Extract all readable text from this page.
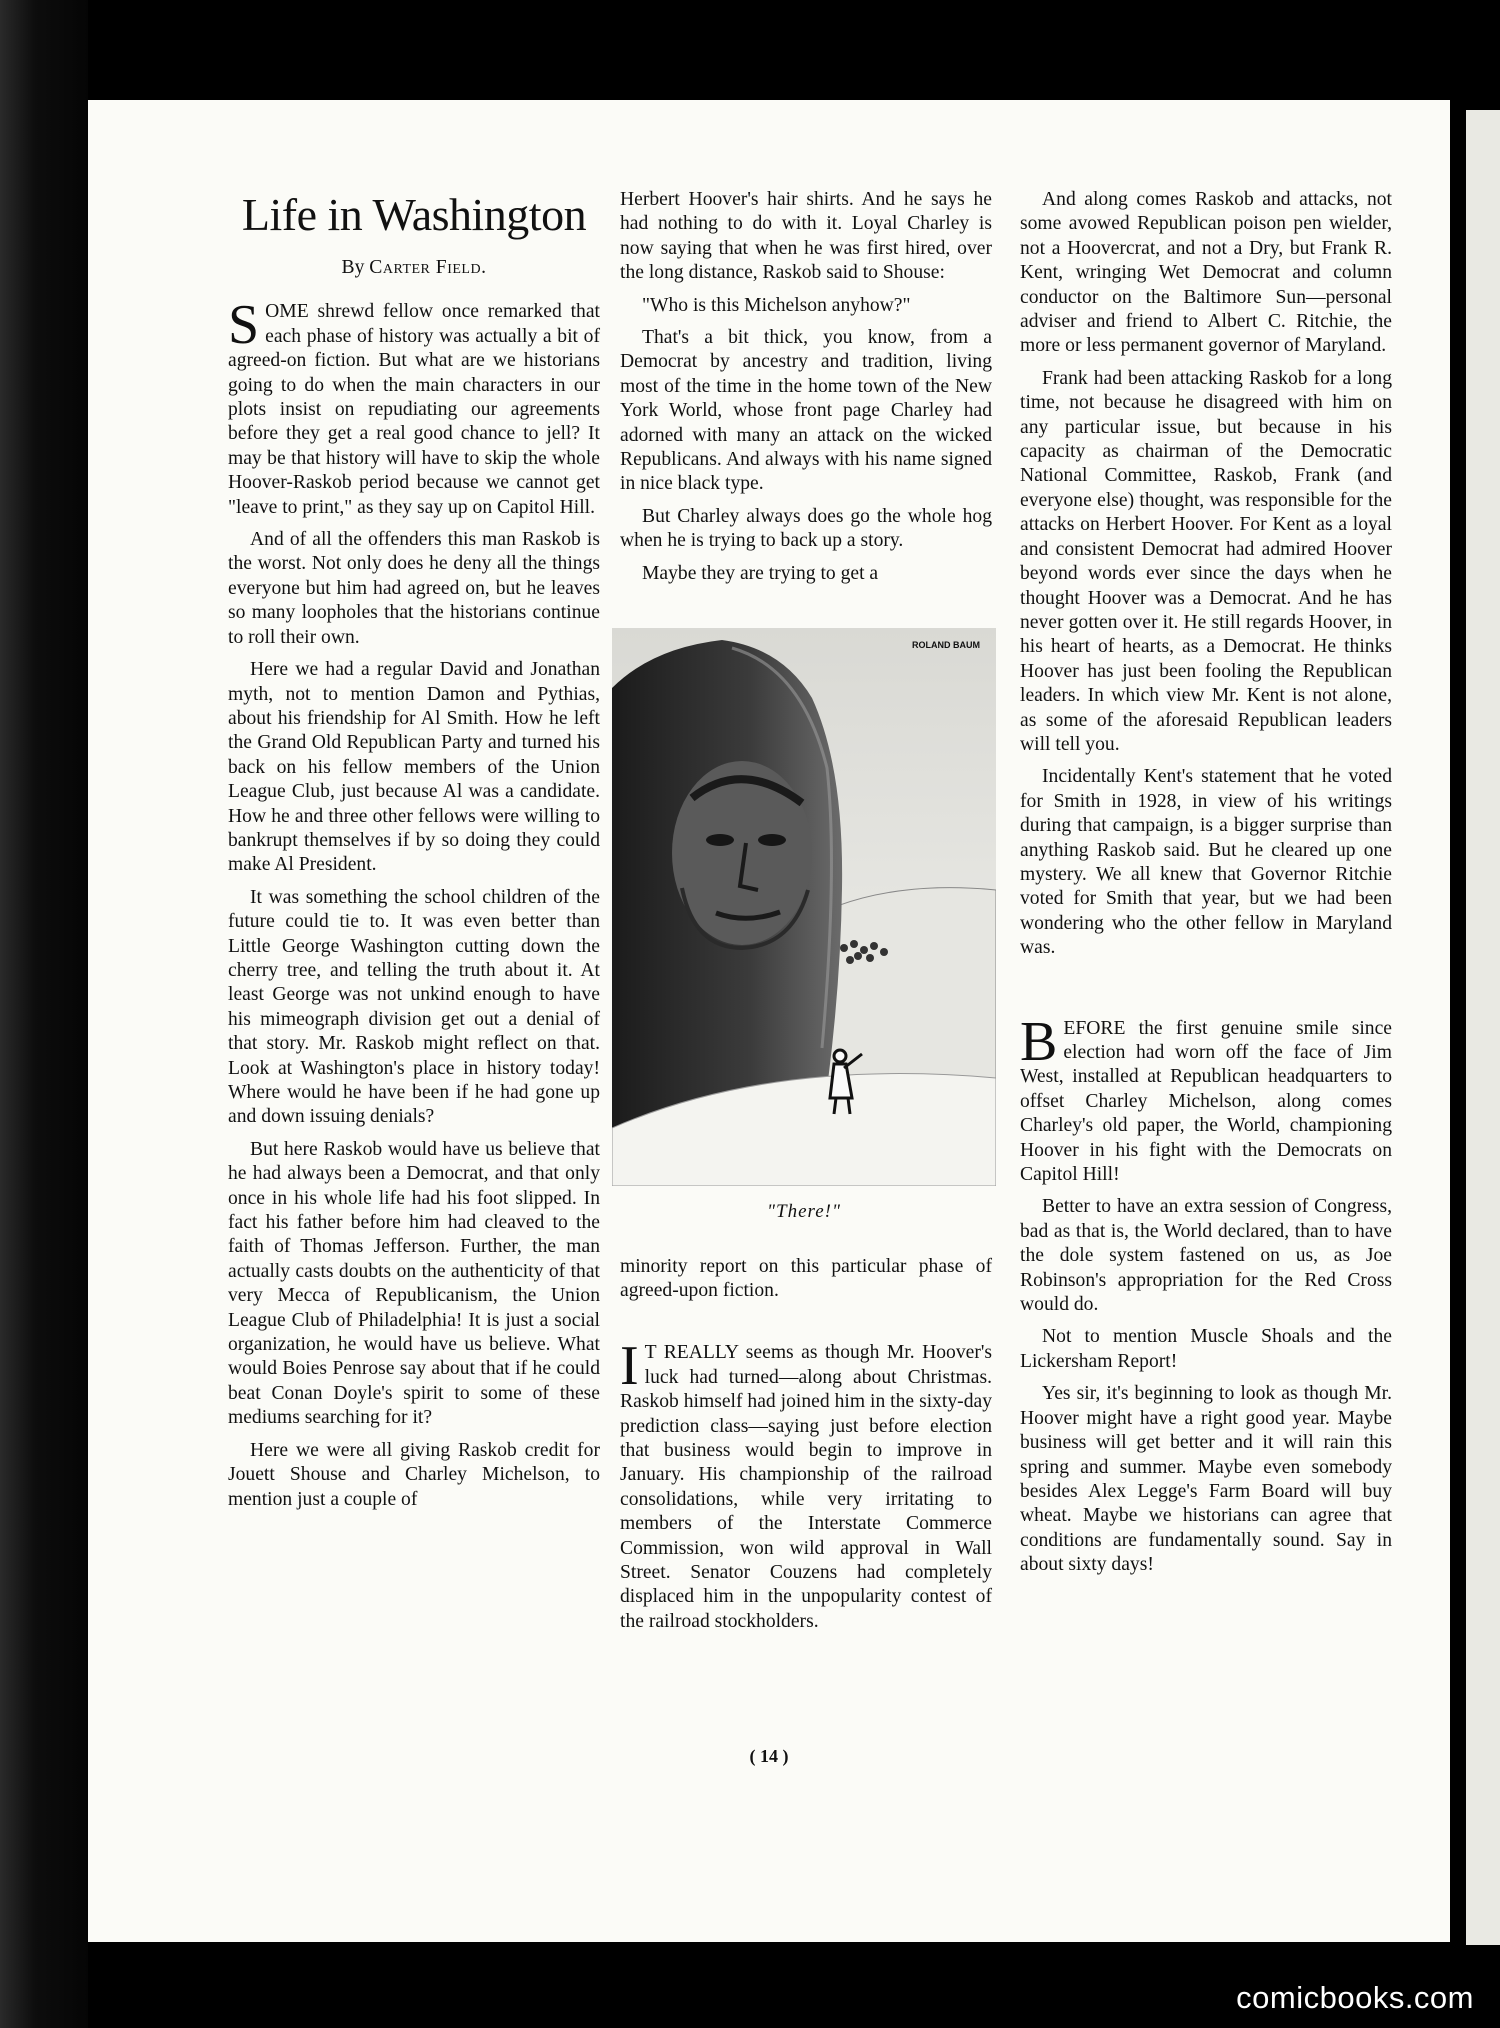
Life in Washington
By Carter Field.

SOME shrewd fellow once remarked that each phase of history was actually a bit of agreed-on fiction. But what are we historians going to do when the main characters in our plots insist on repudiating our agreements before they get a real good chance to jell? It may be that history will have to skip the whole Hoover-Raskob period because we cannot get "leave to print," as they say up on Capitol Hill.

And of all the offenders this man Raskob is the worst. Not only does he deny all the things everyone but him had agreed on, but he leaves so many loopholes that the historians continue to roll their own.

Here we had a regular David and Jonathan myth, not to mention Damon and Pythias, about his friendship for Al Smith. How he left the Grand Old Republican Party and turned his back on his fellow members of the Union League Club, just because Al was a candidate. How he and three other fellows were willing to bankrupt themselves if by so doing they could make Al President.

It was something the school children of the future could tie to. It was even better than Little George Washington cutting down the cherry tree, and telling the truth about it. At least George was not unkind enough to have his mimeograph division get out a denial of that story. Mr. Raskob might reflect on that. Look at Washington's place in history today! Where would he have been if he had gone up and down issuing denials?

But here Raskob would have us believe that he had always been a Democrat, and that only once in his whole life had his foot slipped. In fact his father before him had cleaved to the faith of Thomas Jefferson. Further, the man actually casts doubts on the authenticity of that very Mecca of Republicanism, the Union League Club of Philadelphia! It is just a social organization, he would have us believe. What would Boies Penrose say about that if he could beat Conan Doyle's spirit to some of these mediums searching for it?

Here we were all giving Raskob credit for Jouett Shouse and Charley Michelson, to mention just a couple of

Herbert Hoover's hair shirts. And he says he had nothing to do with it. Loyal Charley is now saying that when he was first hired, over the long distance, Raskob said to Shouse:

"Who is this Michelson anyhow?"

That's a bit thick, you know, from a Democrat by ancestry and tradition, living most of the time in the home town of the New York World, whose front page Charley had adorned with many an attack on the wicked Republicans. And always with his name signed in nice black type.

But Charley always does go the whole hog when he is trying to back up a story.

Maybe they are trying to get a

ROLAND BAUM
"There!"

minority report on this particular phase of agreed-upon fiction.

I T REALLY seems as though Mr. Hoover's luck had turned—along about Christmas. Raskob himself had joined him in the sixty-day prediction class—saying just before election that business would begin to improve in January. His championship of the railroad consolidations, while very irritating to members of the Interstate Commerce Commission, won wild approval in Wall Street. Senator Couzens had completely displaced him in the unpopularity contest of the railroad stockholders.

And along comes Raskob and attacks, not some avowed Republican poison pen wielder, not a Hoovercrat, and not a Dry, but Frank R. Kent, wringing Wet Democrat and column conductor on the Baltimore Sun—personal adviser and friend to Albert C. Ritchie, the more or less permanent governor of Maryland.

Frank had been attacking Raskob for a long time, not because he disagreed with him on any particular issue, but because in his capacity as chairman of the Democratic National Committee, Raskob, Frank (and everyone else) thought, was responsible for the attacks on Herbert Hoover. For Kent as a loyal and consistent Democrat had admired Hoover beyond words ever since the days when he thought Hoover was a Democrat. And he has never gotten over it. He still regards Hoover, in his heart of hearts, as a Democrat. He thinks Hoover has just been fooling the Republican leaders. In which view Mr. Kent is not alone, as some of the aforesaid Republican leaders will tell you.

Incidentally Kent's statement that he voted for Smith in 1928, in view of his writings during that campaign, is a bigger surprise than anything Raskob said. But he cleared up one mystery. We all knew that Governor Ritchie voted for Smith that year, but we had been wondering who the other fellow in Maryland was.

BEFORE the first genuine smile since election had worn off the face of Jim West, installed at Republican headquarters to offset Charley Michelson, along comes Charley's old paper, the World, championing Hoover in his fight with the Democrats on Capitol Hill!

Better to have an extra session of Congress, bad as that is, the World declared, than to have the dole system fastened on us, as Joe Robinson's appropriation for the Red Cross would do.

Not to mention Muscle Shoals and the Lickersham Report!

Yes sir, it's beginning to look as though Mr. Hoover might have a right good year. Maybe business will get better and it will rain this spring and summer. Maybe even somebody besides Alex Legge's Farm Board will buy wheat. Maybe we historians can agree that conditions are fundamentally sound. Say in about sixty days!

( 14 )
comicbooks.com
